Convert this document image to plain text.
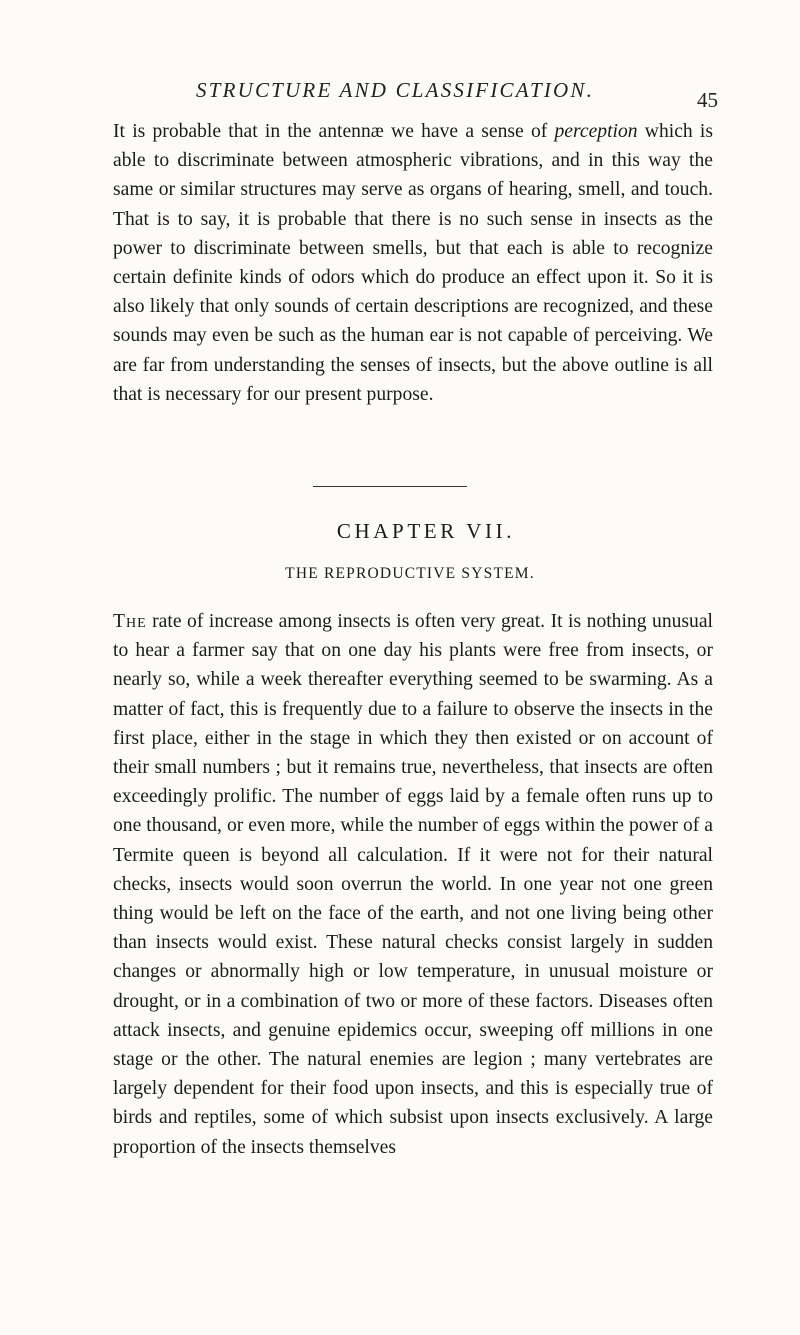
STRUCTURE AND CLASSIFICATION.	45

It is probable that in the antennæ we have a sense of perception which is able to discriminate between atmospheric vibrations, and in this way the same or similar structures may serve as organs of hearing, smell, and touch. That is to say, it is probable that there is no such sense in insects as the power to discriminate between smells, but that each is able to recognize certain definite kinds of odors which do produce an effect upon it. So it is also likely that only sounds of certain descriptions are recognized, and these sounds may even be such as the human ear is not capable of perceiving. We are far from understanding the senses of insects, but the above outline is all that is necessary for our present purpose.

CHAPTER VII.
THE REPRODUCTIVE SYSTEM.

The rate of increase among insects is often very great. It is nothing unusual to hear a farmer say that on one day his plants were free from insects, or nearly so, while a week thereafter everything seemed to be swarming. As a matter of fact, this is frequently due to a failure to observe the insects in the first place, either in the stage in which they then existed or on account of their small numbers ; but it remains true, nevertheless, that insects are often exceedingly prolific. The number of eggs laid by a female often runs up to one thousand, or even more, while the number of eggs within the power of a Termite queen is beyond all calculation. If it were not for their natural checks, insects would soon overrun the world. In one year not one green thing would be left on the face of the earth, and not one living being other than insects would exist. These natural checks consist largely in sudden changes or abnormally high or low temperature, in unusual moisture or drought, or in a combination of two or more of these factors. Diseases often attack insects, and genuine epidemics occur, sweeping off millions in one stage or the other. The natural enemies are legion ; many vertebrates are largely dependent for their food upon insects, and this is especially true of birds and reptiles, some of which subsist upon insects exclusively. A large proportion of the insects themselves
